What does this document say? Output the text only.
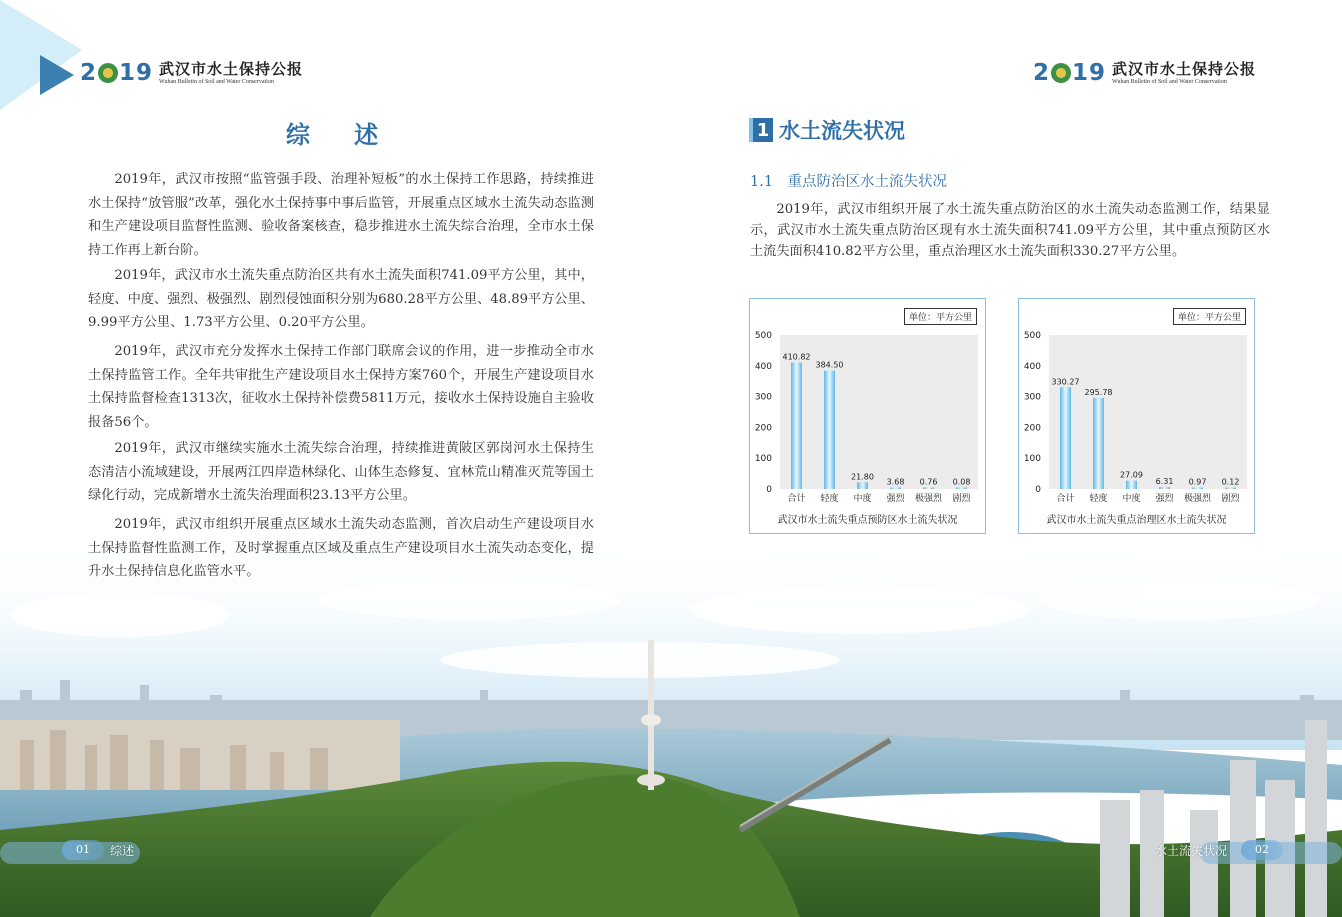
2 19 武汉市水土保持公报
Wuhan Bulletin of Soil and Water Conservation
综 述

2019年，武汉市按照“监管强手段、治理补短板”的水土保持工作思路，持续推进水土保持“放管服”改革，强化水土保持事中事后监管，开展重点区域水土流失动态监测和生产建设项目监督性监测、验收备案核查，稳步推进水土流失综合治理，全市水土保持工作再上新台阶。

2019年，武汉市水土流失重点防治区共有水土流失面积741.09平方公里，其中，轻度、中度、强烈、极强烈、剧烈侵蚀面积分别为680.28平方公里、48.89平方公里、9.99平方公里、1.73平方公里、0.20平方公里。

2019年，武汉市充分发挥水土保持工作部门联席会议的作用，进一步推动全市水土保持监管工作。全年共审批生产建设项目水土保持方案760个，开展生产建设项目水土保持监督检查1313次，征收水土保持补偿费5811万元，接收水土保持设施自主验收报备56个。

2019年，武汉市继续实施水土流失综合治理，持续推进黄陂区郭岗河水土保持生态清洁小流域建设，开展两江四岸造林绿化、山体生态修复、宜林荒山精准灭荒等国土绿化行动，完成新增水土流失治理面积23.13平方公里。

2019年，武汉市组织开展重点区域水土流失动态监测，首次启动生产建设项目水土保持监督性监测工作，及时掌握重点区域及重点生产建设项目水土流失动态变化，提升水土保持信息化监管水平。

01	综述
2 19 武汉市水土保持公报
Wuhan Bulletin of Soil and Water Conservation
1 水土流失状况
1.1　重点防治区水土流失状况

2019年，武汉市组织开展了水土流失重点防治区的水土流失动态监测工作，结果显示，武汉市水土流失重点防治区现有水土流失面积741.09平方公里，其中重点预防区水土流失面积410.82平方公里，重点治理区水土流失面积330.27平方公里。

0
100
200
300
400
500
410.82
合计
384.50
轻度
21.80
中度
3.68
强烈
0.76
极强烈
0.08
剧烈
单位：平方公里
武汉市水土流失重点预防区水土流失状况
0
100
200
300
400
500
330.27
合计
295.78
轻度
27.09
中度
6.31
强烈
0.97
极强烈
0.12
剧烈
单位：平方公里
武汉市水土流失重点治理区水土流失状况
水土流失状况	02
